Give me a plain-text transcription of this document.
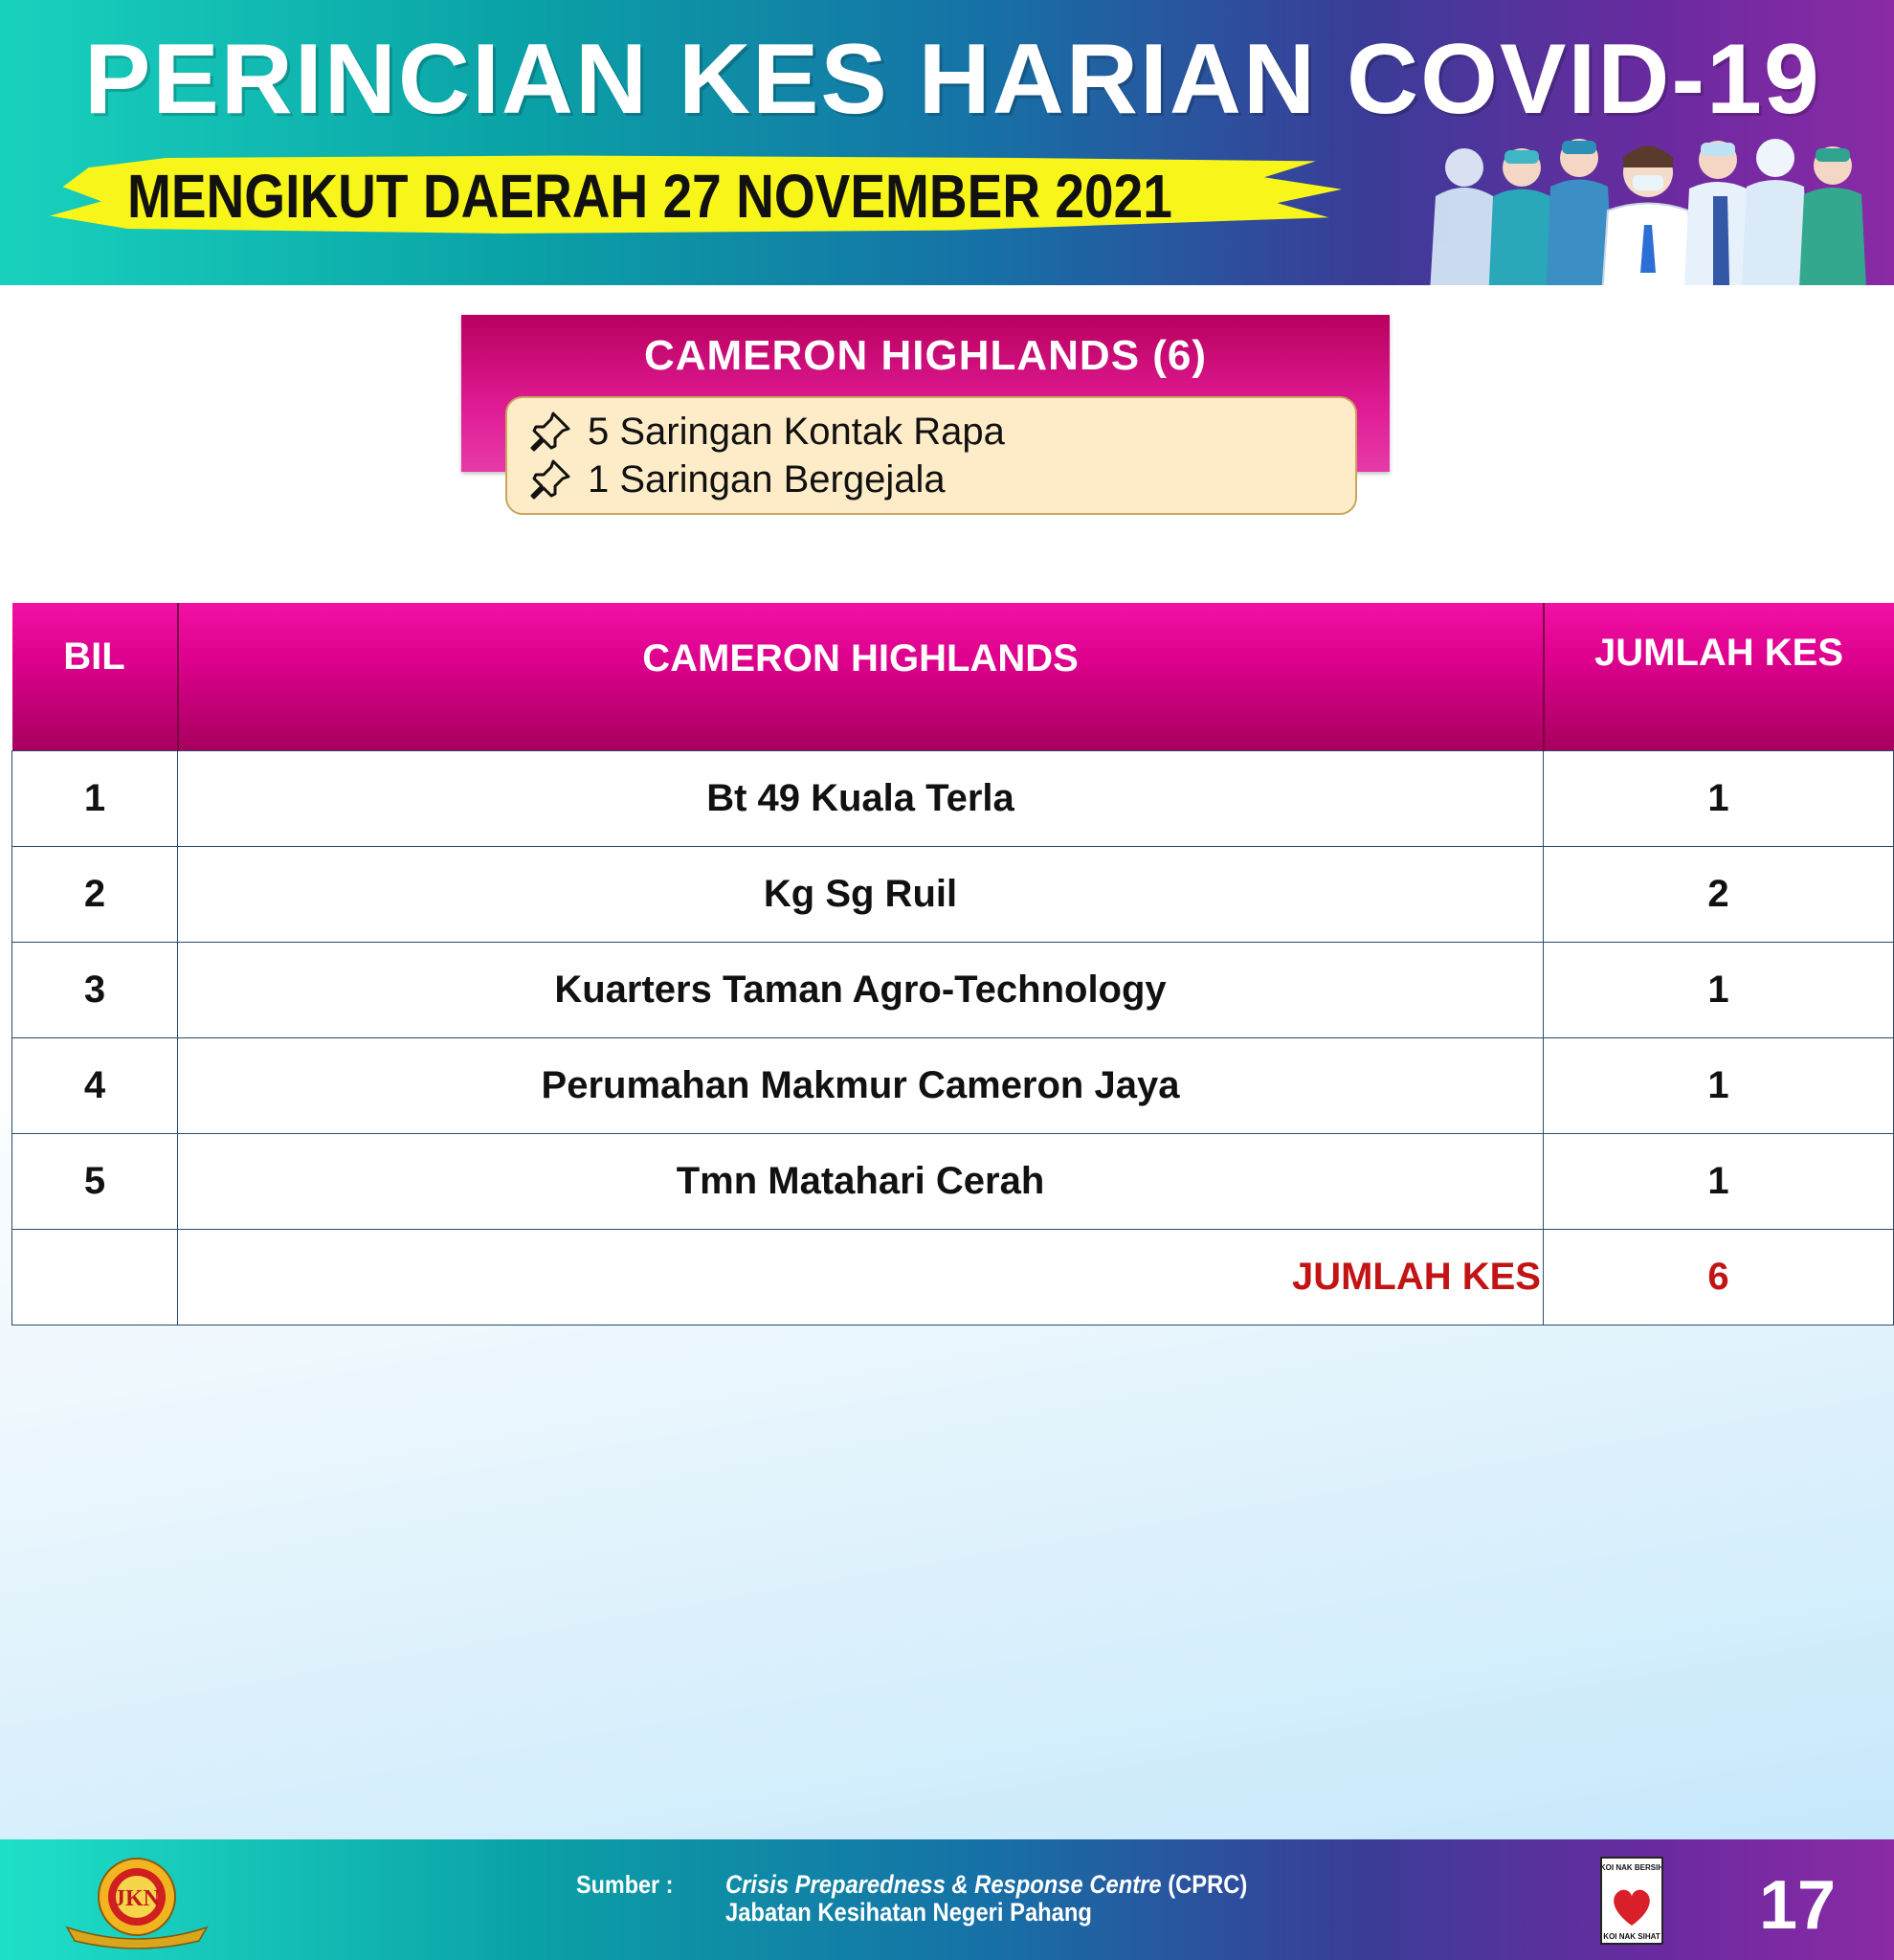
PERINCIAN KES HARIAN COVID-19
MENGIKUT DAERAH 27 NOVEMBER 2021
CAMERON HIGHLANDS (6)
5 Saringan Kontak Rapa
1 Saringan Bergejala
BIL	CAMERON HIGHLANDS	JUMLAH KES
1	Bt 49 Kuala Terla	1
2	Kg Sg Ruil	2
3	Kuarters Taman Agro-Technology	1
4	Perumahan Makmur Cameron Jaya	1
5	Tmn Matahari Cerah	1
	JUMLAH KES	6
Sumber : Crisis Preparedness & Response Centre (CPRC)
Jabatan Kesihatan Negeri Pahang	17
JKN
KOI NAK BERSIH
KOI NAK SIHAT
